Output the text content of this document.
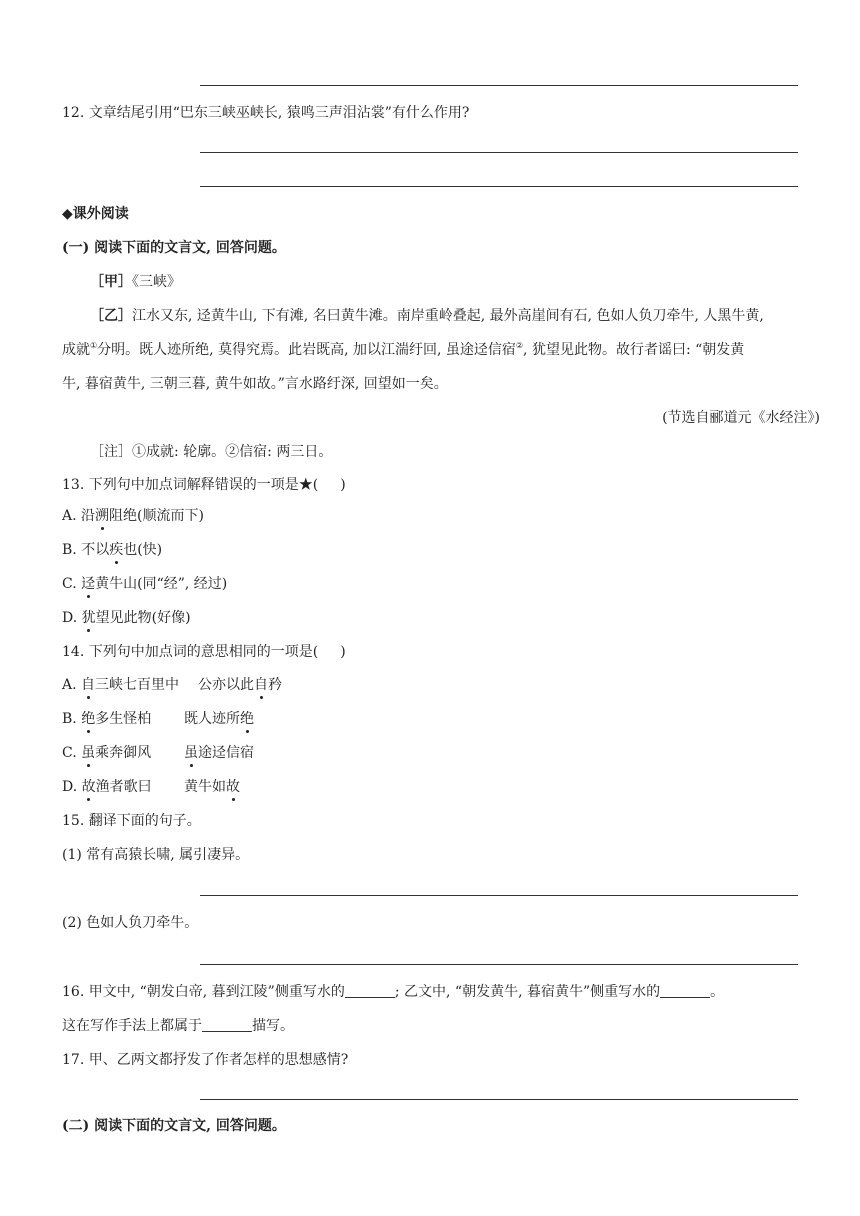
12. 文章结尾引用“巴东三峡巫峡长, 猿鸣三声泪沾裳”有什么作用?
◆课外阅读
(一) 阅读下面的文言文, 回答问题。
［甲］《三峡》
［乙］江水又东, 迳黄牛山, 下有滩, 名曰黄牛滩。南岸重岭叠起, 最外高崖间有石, 色如人负刀牵牛, 人黑牛黄,
成就①分明。既人迹所绝, 莫得究焉。此岩既高, 加以江湍纡回, 虽途迳信宿②, 犹望见此物。故行者谣曰: “朝发黄
牛, 暮宿黄牛, 三朝三暮, 黄牛如故。”言水路纡深, 回望如一矣。
(节选自郦道元《水经注》)
［注］①成就: 轮廓。②信宿: 两三日。
13. 下列句中加点词解释错误的一项是★( )
A. 沿溯阻绝(顺流而下)
B. 不以疾也(快)
C. 迳黄牛山(同“经”, 经过)
D. 犹望见此物(好像)
14. 下列句中加点词的意思相同的一项是( )
A. 自三峡七百里中 公亦以此自矜
B. 绝多生怪柏 既人迹所绝
C. 虽乘奔御风 虽途迳信宿
D. 故渔者歌曰 黄牛如故
15. 翻译下面的句子。
(1) 常有高猿长啸, 属引凄异。
(2) 色如人负刀牵牛。
16. 甲文中, “朝发白帝, 暮到江陵”侧重写水的	; 乙文中, “朝发黄牛, 暮宿黄牛”侧重写水的	。
这在写作手法上都属于	描写。
17. 甲、乙两文都抒发了作者怎样的思想感情?
(二) 阅读下面的文言文, 回答问题。
